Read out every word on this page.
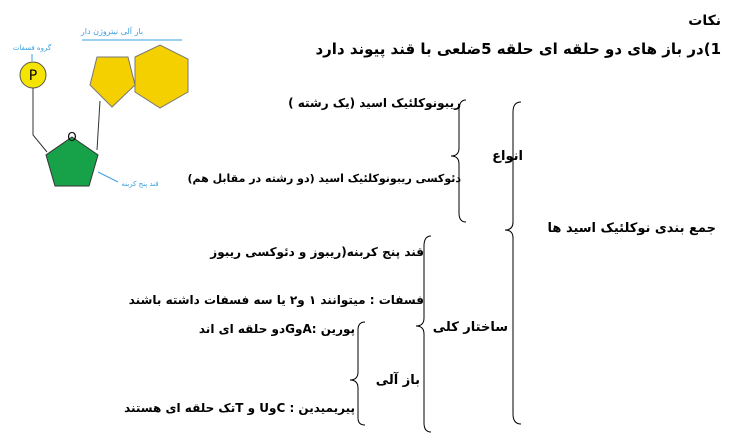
باز آلی نیتروژن دار
گروه فسفات
P
O
قند پنج کربنه
نکات
1)در باز های دو حلقه ای حلقه 5ضلعی با قند پیوند دارد
جمع بندی نوکلئیک اسید ها
انواع
ریبونوکلئیک اسید (یک رشته )
دئوکسی ریبونوکلئیک اسید (دو رشته در مقابل هم)
ساختار کلی
قند پنج کربنه(ریبوز و دئوکسی ریبوز
فسفات : میتوانند ۱ و۲ یا سه فسفات داشته باشند
باز آلی
پورین :AوGدو حلقه ای اند
پیریمیدین : CوU و Tتک حلقه ای هستند
